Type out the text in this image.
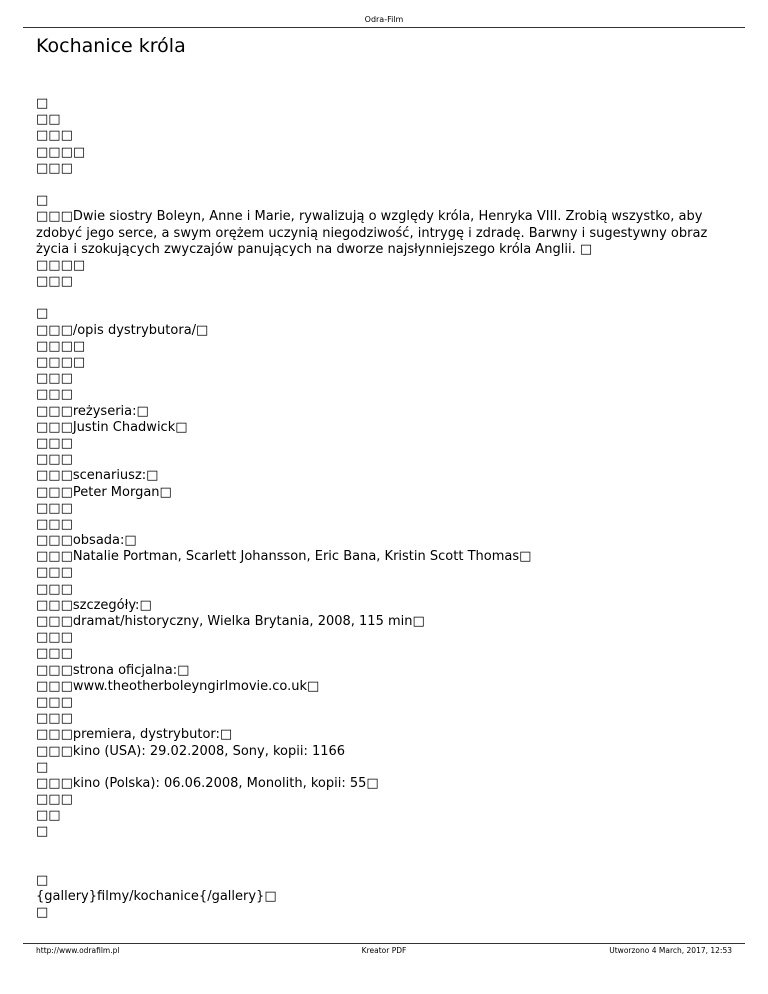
Odra-Film
Kochanice króla
□
□□
□□□
□□□□
□□□
□
□□□Dwie siostry Boleyn, Anne i Marie, rywalizują o względy króla, Henryka VIII. Zrobią wszystko, aby zdobyć jego serce, a swym orężem uczynią niegodziwość, intrygę i zdradę. Barwny i sugestywny obraz życia i szokujących zwyczajów panujących na dworze najsłynniejszego króla Anglii. □
□□□□
□□□
□
□□□/opis dystrybutora/□
□□□□
□□□□
□□□
□□□
□□□reżyseria:□
□□□Justin Chadwick□
□□□
□□□
□□□scenariusz:□
□□□Peter Morgan□
□□□
□□□
□□□obsada:□
□□□Natalie Portman, Scarlett Johansson, Eric Bana, Kristin Scott Thomas□
□□□
□□□
□□□szczegóły:□
□□□dramat/historyczny, Wielka Brytania, 2008, 115 min□
□□□
□□□
□□□strona oficjalna:□
□□□www.theotherboleyngirlmovie.co.uk□
□□□
□□□
□□□premiera, dystrybutor:□
□□□kino (USA): 29.02.2008, Sony, kopii: 1166
□
□□□kino (Polska): 06.06.2008, Monolith, kopii: 55□
□□□
□□
□
□
{gallery}filmy/kochanice{/gallery}□
□
http://www.odrafilm.pl	Kreator PDF	Utworzono 4 March, 2017, 12:53
